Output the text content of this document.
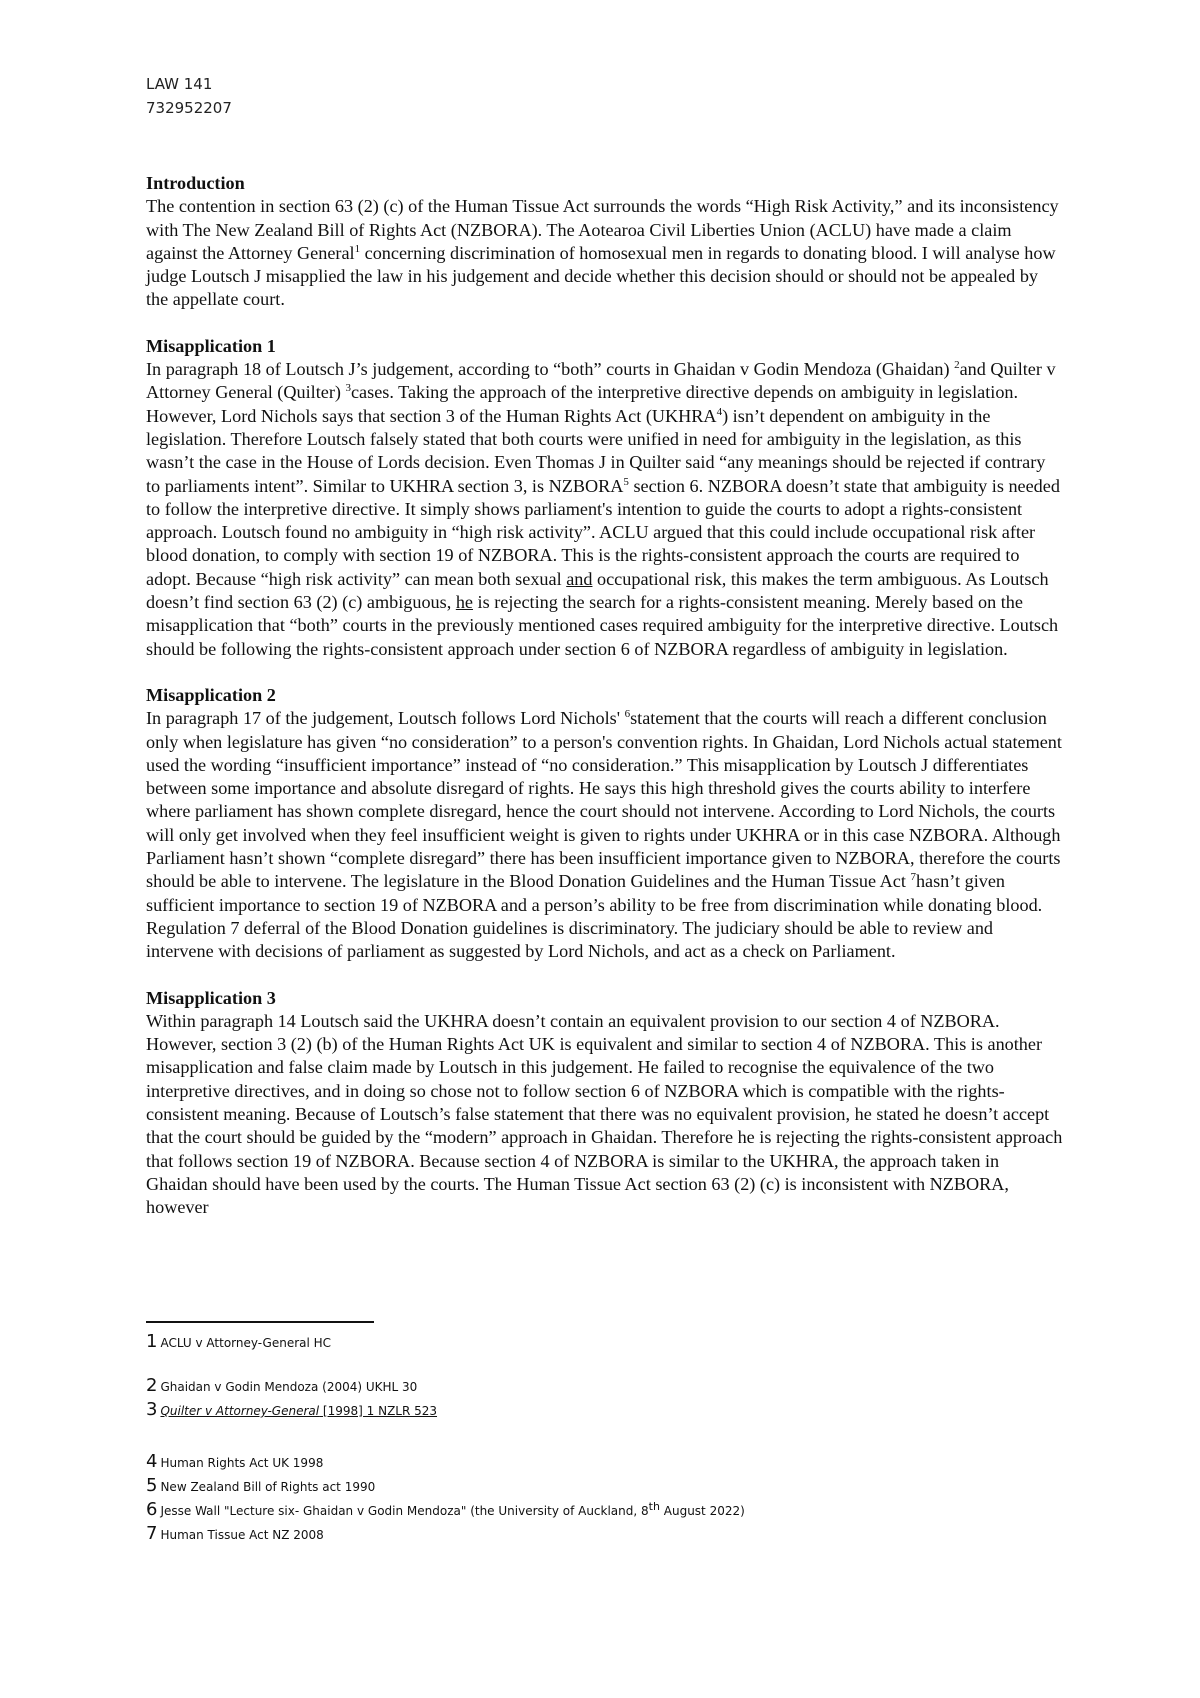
LAW 141
732952207
Introduction
The contention in section 63 (2) (c) of the Human Tissue Act surrounds the words “High Risk Activity,” and its inconsistency with The New Zealand Bill of Rights Act (NZBORA). The Aotearoa Civil Liberties Union (ACLU) have made a claim against the Attorney General$^1$ concerning discrimination of homosexual men in regards to donating blood. I will analyse how judge Loutsch J misapplied the law in his judgement and decide whether this decision should or should not be appealed by the appellate court.
Misapplication 1
In paragraph 18 of Loutsch J’s judgement, according to “both” courts in Ghaidan v Godin Mendoza (Ghaidan) $^2$and Quilter v Attorney General (Quilter) $^3$cases. Taking the approach of the interpretive directive depends on ambiguity in legislation. However, Lord Nichols says that section 3 of the Human Rights Act (UKHRA$^4$) isn’t dependent on ambiguity in the legislation. Therefore Loutsch falsely stated that both courts were unified in need for ambiguity in the legislation, as this wasn’t the case in the House of Lords decision. Even Thomas J in Quilter said “any meanings should be rejected if contrary to parliaments intent”. Similar to UKHRA section 3, is NZBORA$^5$ section 6. NZBORA doesn’t state that ambiguity is needed to follow the interpretive directive. It simply shows parliament's intention to guide the courts to adopt a rights-consistent approach. Loutsch found no ambiguity in “high risk activity”. ACLU argued that this could include occupational risk after blood donation, to comply with section 19 of NZBORA. This is the rights-consistent approach the courts are required to adopt. Because “high risk activity” can mean both sexual and occupational risk, this makes the term ambiguous. As Loutsch doesn’t find section 63 (2) (c) ambiguous, he is rejecting the search for a rights-consistent meaning. Merely based on the misapplication that “both” courts in the previously mentioned cases required ambiguity for the interpretive directive. Loutsch should be following the rights-consistent approach under section 6 of NZBORA regardless of ambiguity in legislation.
Misapplication 2
In paragraph 17 of the judgement, Loutsch follows Lord Nichols' $^6$statement that the courts will reach a different conclusion only when legislature has given “no consideration” to a person's convention rights. In Ghaidan, Lord Nichols actual statement used the wording “insufficient importance” instead of “no consideration.” This misapplication by Loutsch J differentiates between some importance and absolute disregard of rights. He says this high threshold gives the courts ability to interfere where parliament has shown complete disregard, hence the court should not intervene. According to Lord Nichols, the courts will only get involved when they feel insufficient weight is given to rights under UKHRA or in this case NZBORA. Although Parliament hasn’t shown “complete disregard” there has been insufficient importance given to NZBORA, therefore the courts should be able to intervene. The legislature in the Blood Donation Guidelines and the Human Tissue Act $^7$hasn’t given sufficient importance to section 19 of NZBORA and a person’s ability to be free from discrimination while donating blood. Regulation 7 deferral of the Blood Donation guidelines is discriminatory. The judiciary should be able to review and intervene with decisions of parliament as suggested by Lord Nichols, and act as a check on Parliament.
Misapplication 3
Within paragraph 14 Loutsch said the UKHRA doesn’t contain an equivalent provision to our section 4 of NZBORA. However, section 3 (2) (b) of the Human Rights Act UK is equivalent and similar to section 4 of NZBORA. This is another misapplication and false claim made by Loutsch in this judgement. He failed to recognise the equivalence of the two interpretive directives, and in doing so chose not to follow section 6 of NZBORA which is compatible with the rights-consistent meaning. Because of Loutsch’s false statement that there was no equivalent provision, he stated he doesn’t accept that the court should be guided by the “modern” approach in Ghaidan. Therefore he is rejecting the rights-consistent approach that follows section 19 of NZBORA. Because section 4 of NZBORA is similar to the UKHRA, the approach taken in Ghaidan should have been used by the courts. The Human Tissue Act section 63 (2) (c) is inconsistent with NZBORA, however
1 ACLU v Attorney-General HC
2 Ghaidan v Godin Mendoza (2004) UKHL 30
3 Quilter v Attorney-General [1998] 1 NZLR 523
4 Human Rights Act UK 1998
5 New Zealand Bill of Rights act 1990
6 Jesse Wall "Lecture six- Ghaidan v Godin Mendoza" (the University of Auckland, 8th August 2022)
7 Human Tissue Act NZ 2008
